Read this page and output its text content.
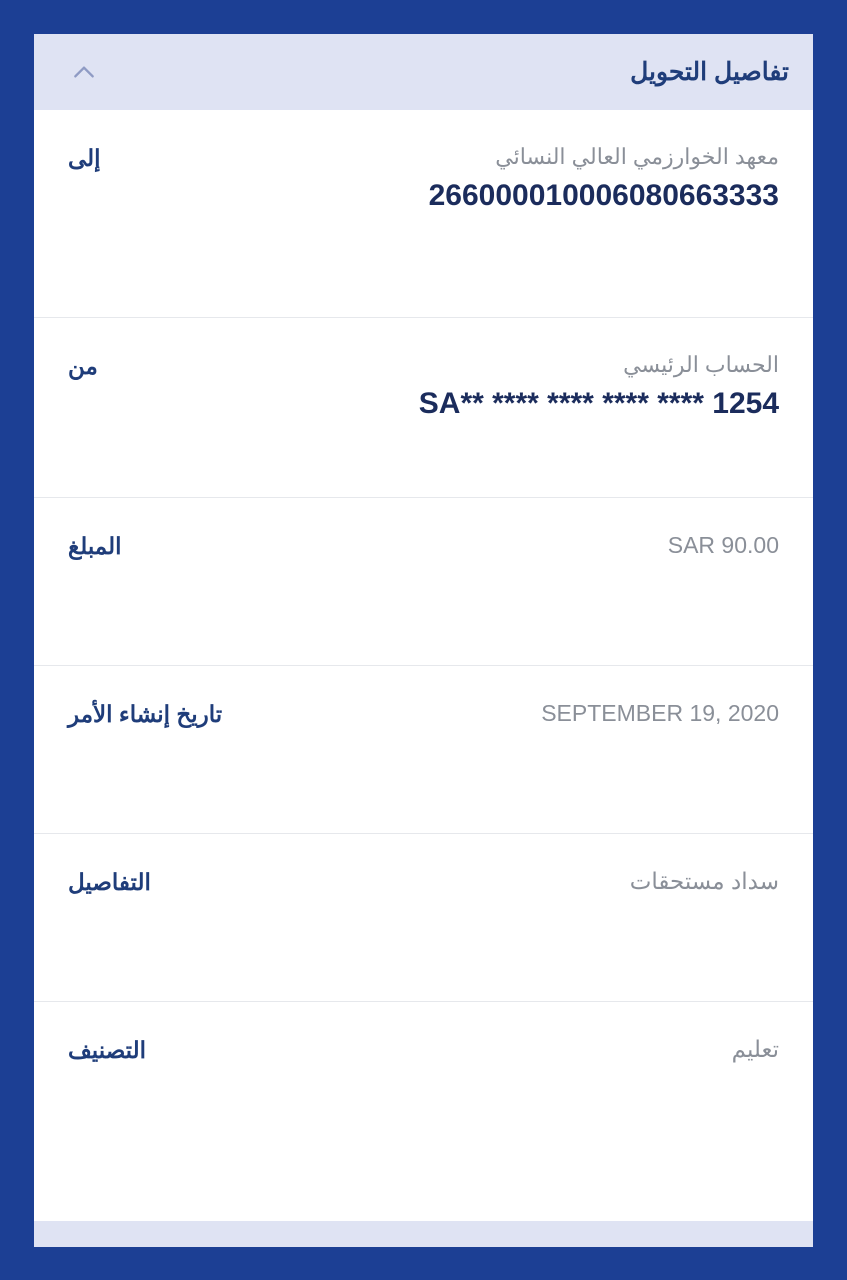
تفاصيل التحويل
إلى	معهد الخوارزمي العالي النسائي
266000010006080663333
من	الحساب الرئيسي
SA** **** **** **** **** 1254
المبلغ	SAR 90.00
تاريخ إنشاء الأمر	SEPTEMBER 19, 2020
التفاصيل	سداد مستحقات
التصنيف	تعليم
